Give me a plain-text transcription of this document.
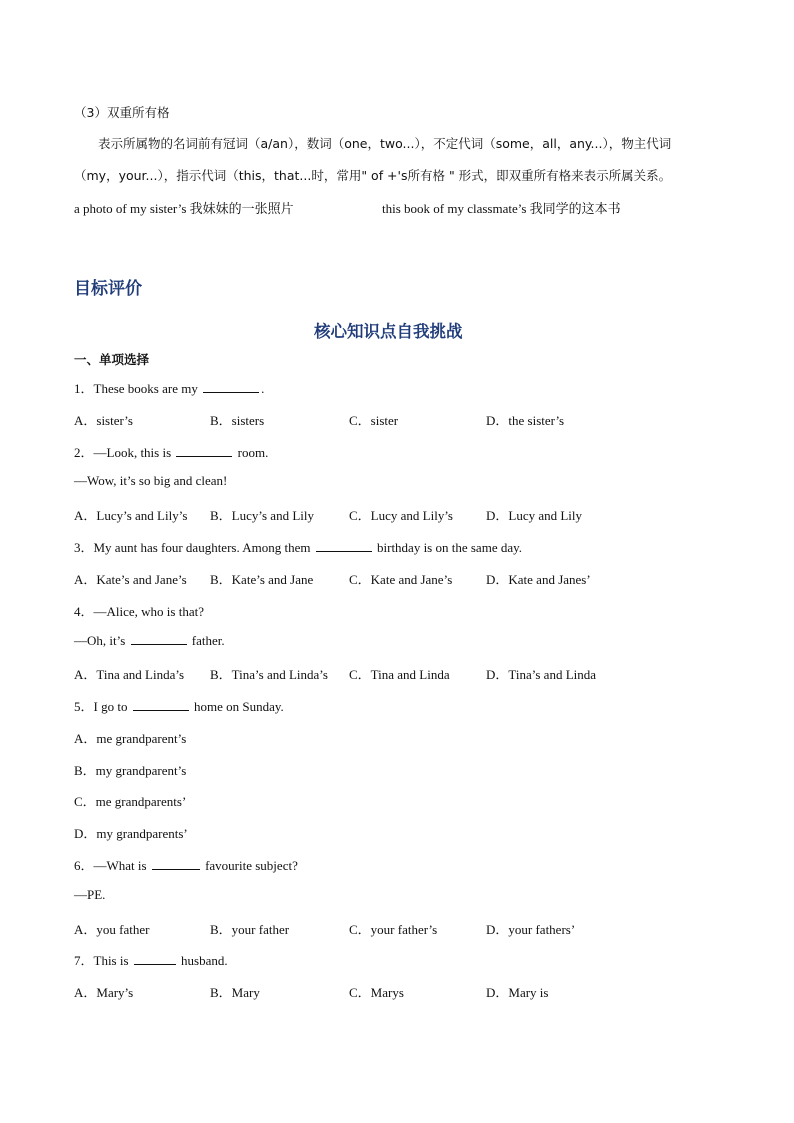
（3）双重所有格
表示所属物的名词前有冠词（a/an），数词（one，two...），不定代词（some，all，any...），物主代词
（my，your...），指示代词（this，that...时，常用" of +'s所有格 " 形式，即双重所有格来表示所属关系。
a photo of my sister’s 我妹妹的一张照片	this book of my classmate’s 我同学的这本书
目标评价
核心知识点自我挑战
一、单项选择
1．These books are my	.
A．sister’s	B．sisters	C．sister	D．the sister’s
2．—Look, this is	room.
—Wow, it’s so big and clean!
A．Lucy’s and Lily’s B．Lucy’s and Lily	C．Lucy and Lily’s	D．Lucy and Lily
3．My aunt has four daughters. Among them	birthday is on the same day.
A．Kate’s and Jane’s B．Kate’s and Jane	C．Kate and Jane’s	D．Kate and Janes’
4．—Alice, who is that?
—Oh, it’s	father.
A．Tina and Linda’s B．Tina’s and Linda’s C．Tina and Linda	D．Tina’s and Linda
5．I go to	home on Sunday.
A．me grandparent’s
B．my grandparent’s
C．me grandparents’
D．my grandparents’
6．—What is	favourite subject?
—PE.
A．you father	B．your father	C．your father’s	D．your fathers’
7．This is	husband.
A．Mary’s	B．Mary	C．Marys	D．Mary is
